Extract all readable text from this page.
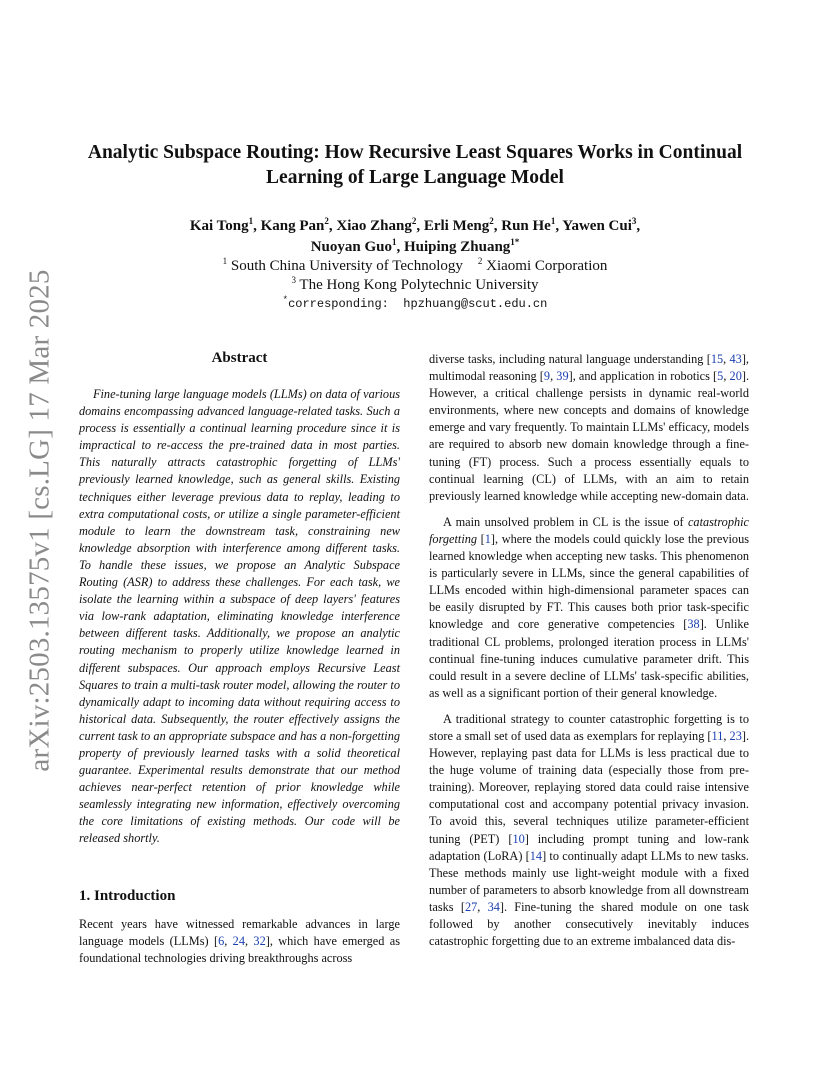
arXiv:2503.13575v1 [cs.LG] 17 Mar 2025
Analytic Subspace Routing: How Recursive Least Squares Works in Continual
Learning of Large Language Model
Kai Tong$^1$, Kang Pan$^2$, Xiao Zhang$^2$, Erli Meng$^2$, Run He$^1$, Yawen Cui$^3$,
Nuoyan Guo$^1$, Huiping Zhuang$^{1*}$
$^1$ South China University of Technology $^2$ Xiaomi Corporation
$^3$ The Hong Kong Polytechnic University
*corresponding: hpzhuang@scut.edu.cn
Abstract

Fine-tuning large language models (LLMs) on data of various domains encompassing advanced language-related tasks. Such a process is essentially a continual learning procedure since it is impractical to re-access the pre-trained data in most parties. This naturally attracts catastrophic forgetting of LLMs' previously learned knowledge, such as general skills. Existing techniques either leverage previous data to replay, leading to extra computational costs, or utilize a single parameter-efficient module to learn the downstream task, constraining new knowledge absorption with interference among different tasks. To handle these issues, we propose an Analytic Subspace Routing (ASR) to address these challenges. For each task, we isolate the learning within a subspace of deep layers' features via low-rank adaptation, eliminating knowledge interference between different tasks. Additionally, we propose an analytic routing mechanism to properly utilize knowledge learned in different subspaces. Our approach employs Recursive Least Squares to train a multi-task router model, allowing the router to dynamically adapt to incoming data without requiring access to historical data. Subsequently, the router effectively assigns the current task to an appropriate subspace and has a non-forgetting property of previously learned tasks with a solid theoretical guarantee. Experimental results demonstrate that our method achieves near-perfect retention of prior knowledge while seamlessly integrating new information, effectively overcoming the core limitations of existing methods. Our code will be released shortly.

1. Introduction

Recent years have witnessed remarkable advances in large language models (LLMs) [6, 24, 32], which have emerged as foundational technologies driving breakthroughs across

diverse tasks, including natural language understanding [15, 43], multimodal reasoning [9, 39], and application in robotics [5, 20]. However, a critical challenge persists in dynamic real-world environments, where new concepts and domains of knowledge emerge and vary frequently. To maintain LLMs' efficacy, models are required to absorb new domain knowledge through a fine-tuning (FT) process. Such a process essentially equals to continual learning (CL) of LLMs, with an aim to retain previously learned knowledge while accepting new-domain data.

A main unsolved problem in CL is the issue of catastrophic forgetting [1], where the models could quickly lose the previous learned knowledge when accepting new tasks. This phenomenon is particularly severe in LLMs, since the general capabilities of LLMs encoded within high-dimensional parameter spaces can be easily disrupted by FT. This causes both prior task-specific knowledge and core generative competencies [38]. Unlike traditional CL problems, prolonged iteration process in LLMs' continual fine-tuning induces cumulative parameter drift. This could result in a severe decline of LLMs' task-specific abilities, as well as a significant portion of their general knowledge.

A traditional strategy to counter catastrophic forgetting is to store a small set of used data as exemplars for replaying [11, 23]. However, replaying past data for LLMs is less practical due to the huge volume of training data (especially those from pre-training). Moreover, replaying stored data could raise intensive computational cost and accompany potential privacy invasion. To avoid this, several techniques utilize parameter-efficient tuning (PET) [10] including prompt tuning and low-rank adaptation (LoRA) [14] to continually adapt LLMs to new tasks. These methods mainly use light-weight module with a fixed number of parameters to absorb knowledge from all downstream tasks [27, 34]. Fine-tuning the shared module on one task followed by another consecutively inevitably induces catastrophic forgetting due to an extreme imbalanced data dis-
